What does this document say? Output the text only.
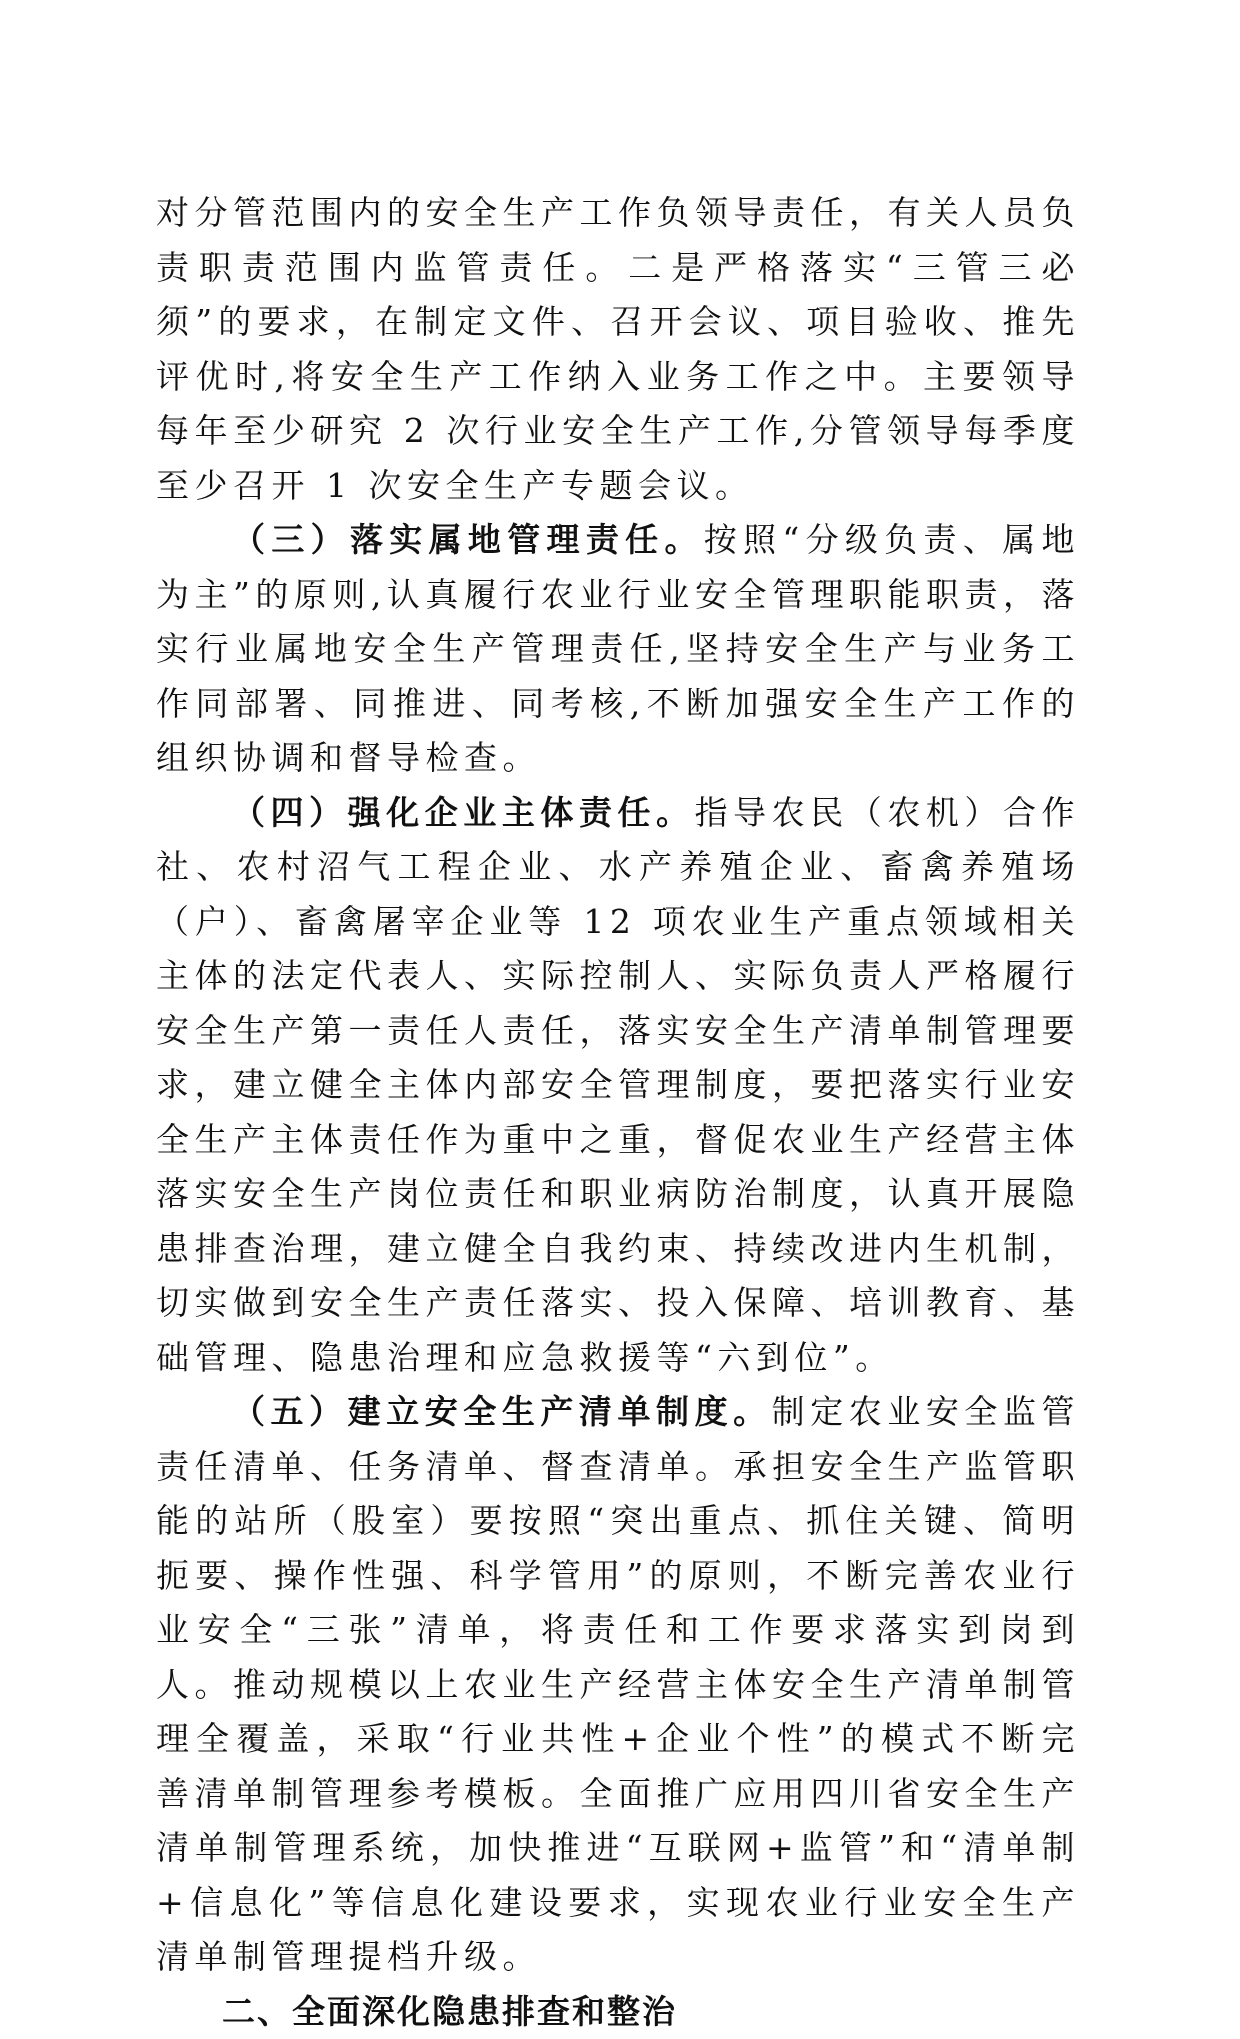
对分管范围内的安全生产工作负领导责任，有关人员负责职责范围内监管责任。二是严格落实“三管三必须”的要求，在制定文件、召开会议、项目验收、推先评优时,将安全生产工作纳入业务工作之中。主要领导每年至少研究 2 次行业安全生产工作,分管领导每季度至少召开 1 次安全生产专题会议。

（三）落实属地管理责任。按照“分级负责、属地为主”的原则,认真履行农业行业安全管理职能职责，落实行业属地安全生产管理责任,坚持安全生产与业务工作同部署、同推进、同考核,不断加强安全生产工作的组织协调和督导检查。

（四）强化企业主体责任。指导农民（农机）合作社、农村沼气工程企业、水产养殖企业、畜禽养殖场（户）、畜禽屠宰企业等 12 项农业生产重点领域相关主体的法定代表人、实际控制人、实际负责人严格履行安全生产第一责任人责任，落实安全生产清单制管理要求，建立健全主体内部安全管理制度，要把落实行业安全生产主体责任作为重中之重，督促农业生产经营主体落实安全生产岗位责任和职业病防治制度，认真开展隐患排查治理，建立健全自我约束、持续改进内生机制，切实做到安全生产责任落实、投入保障、培训教育、基础管理、隐患治理和应急救援等“六到位”。

（五）建立安全生产清单制度。制定农业安全监管责任清单、任务清单、督查清单。承担安全生产监管职能的站所（股室）要按照“突出重点、抓住关键、简明扼要、操作性强、科学管用”的原则，不断完善农业行业安全“三张”清单，将责任和工作要求落实到岗到人。推动规模以上农业生产经营主体安全生产清单制管理全覆盖，采取“行业共性+企业个性”的模式不断完善清单制管理参考模板。全面推广应用四川省安全生产清单制管理系统，加快推进“互联网+监管”和“清单制+信息化”等信息化建设要求，实现农业行业安全生产清单制管理提档升级。

二、全面深化隐患排查和整治
